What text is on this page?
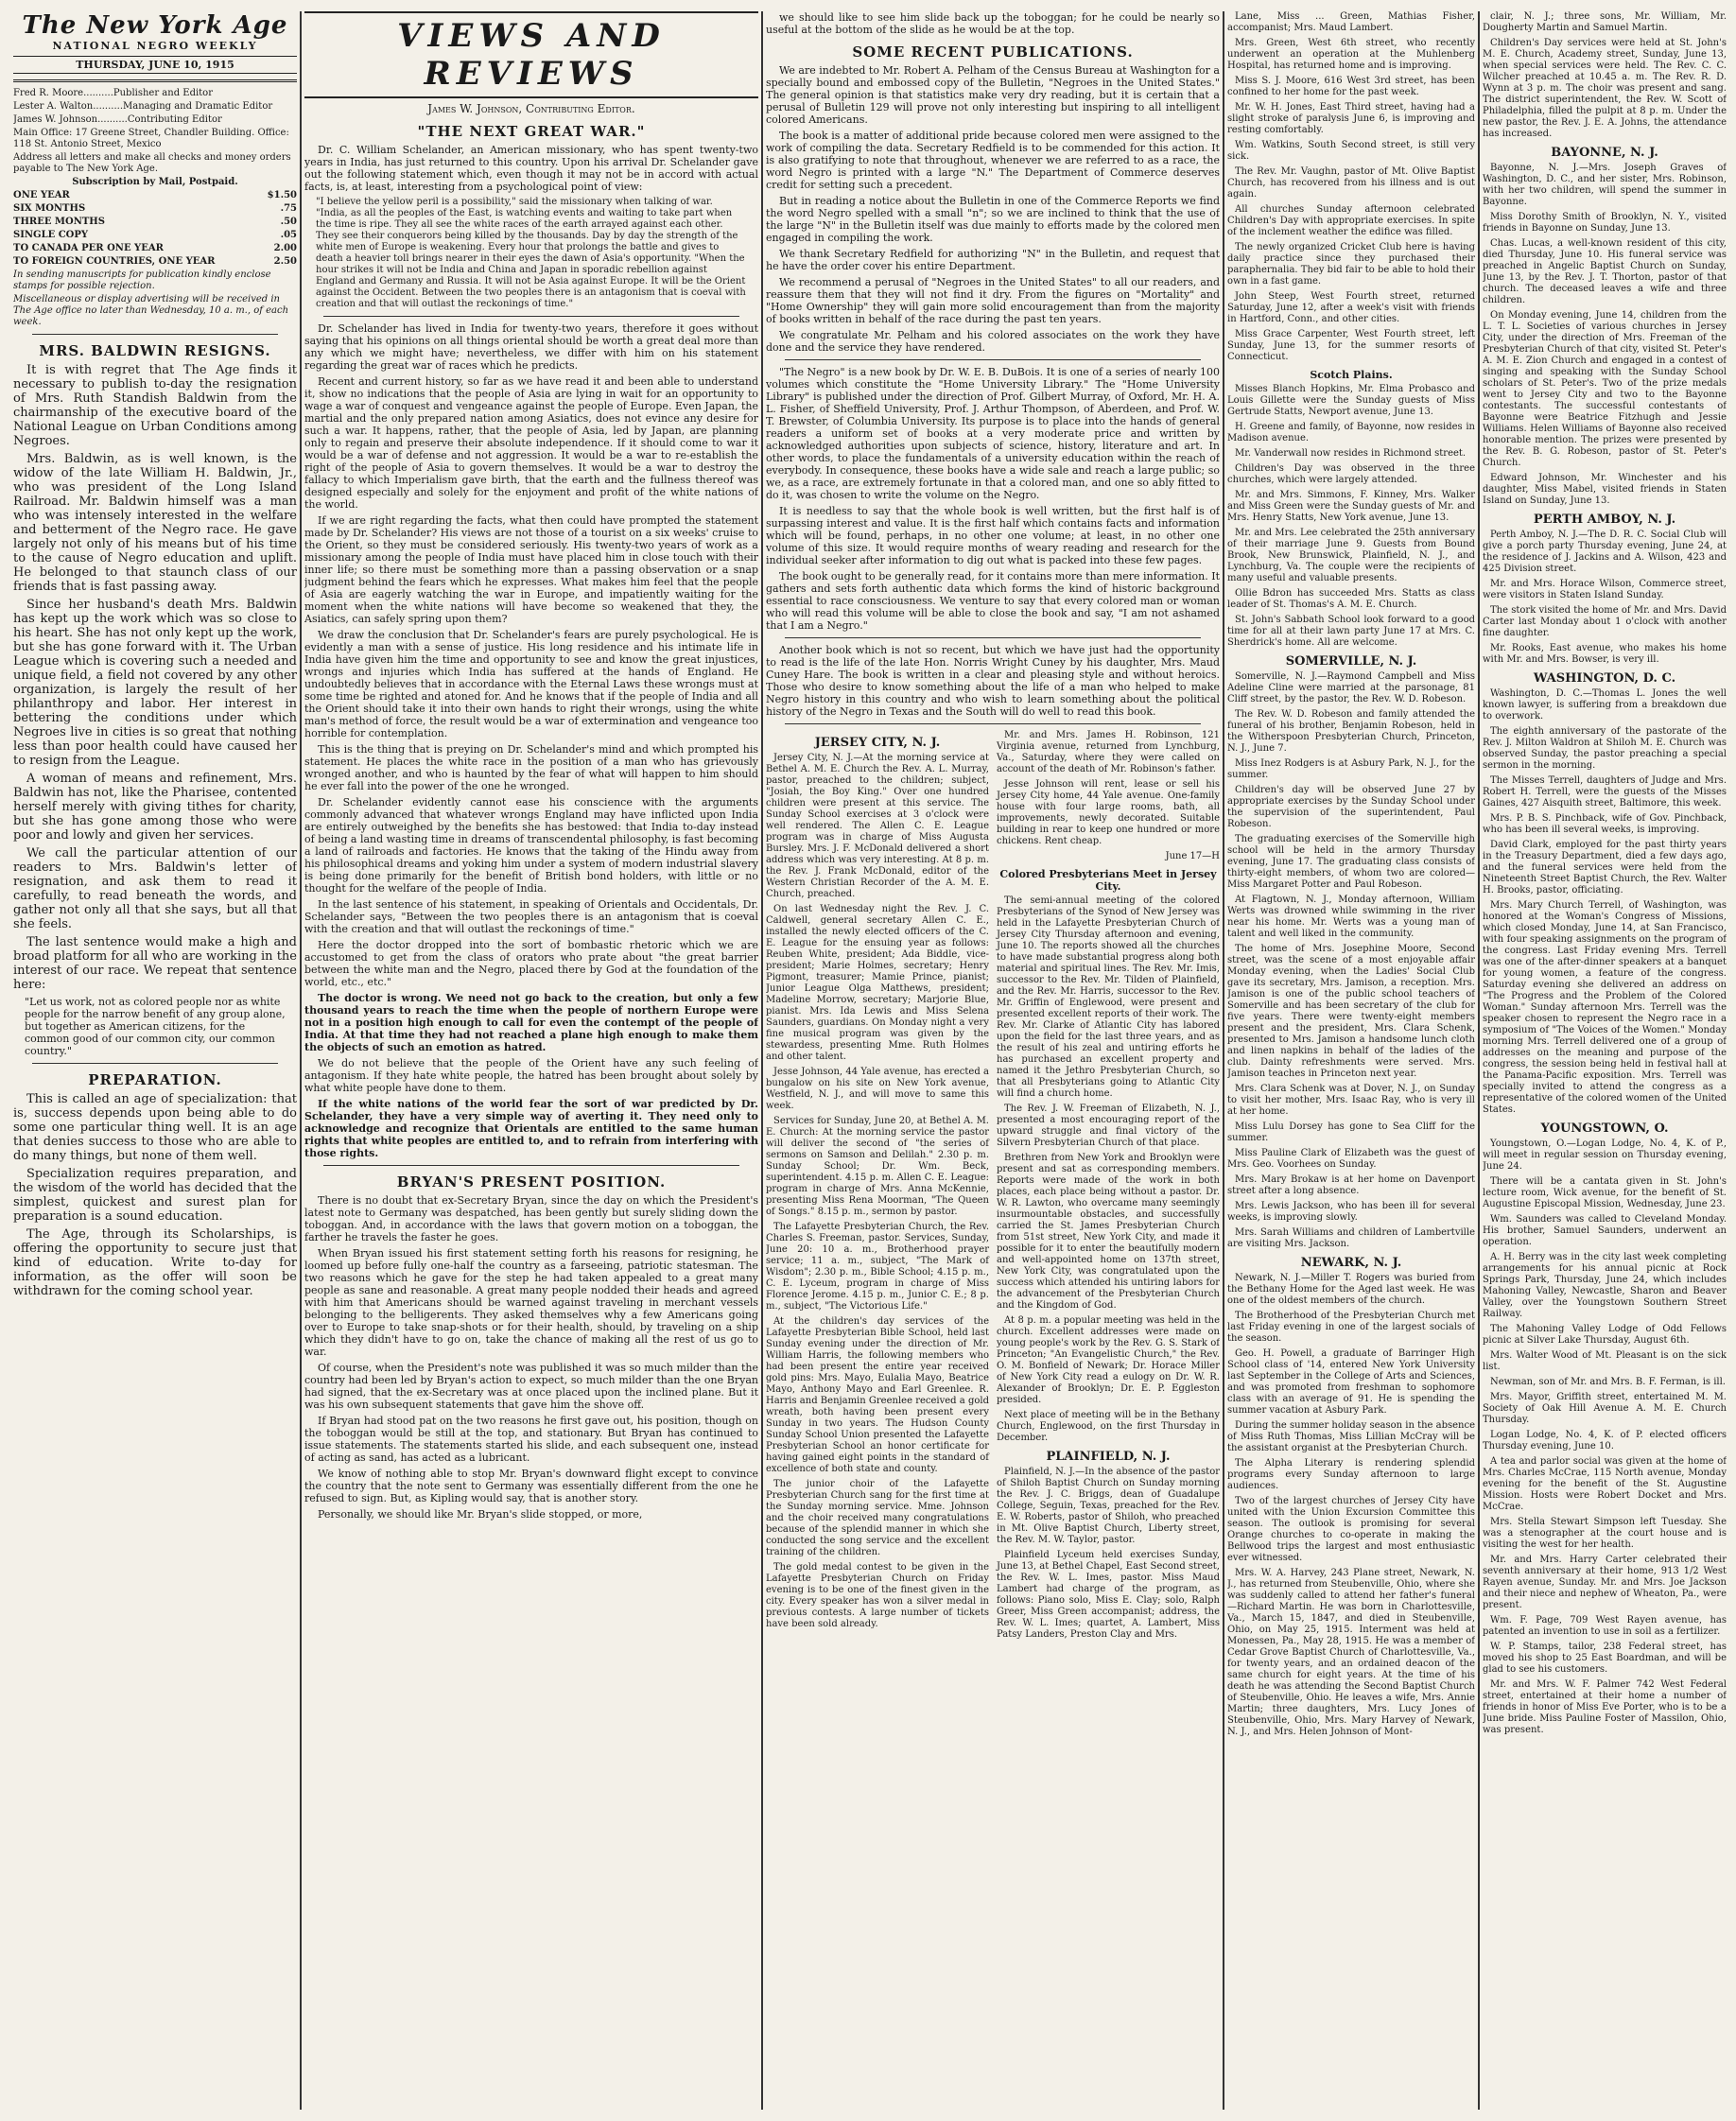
The New York Age
NATIONAL NEGRO WEEKLY
THURSDAY, JUNE 10, 1915
Fred R. Moore..........Publisher and Editor
Lester A. Walton..........Managing and Dramatic Editor
James W. Johnson..........Contributing Editor
Main Office: 17 Greene Street, Chandler Building. Office: 118 St. Antonio Street, Mexico
Address all letters and make all checks and money orders payable to The New York Age.
Subscription by Mail, Postpaid.
ONE YEAR	$1.50
SIX MONTHS	.75
THREE MONTHS	.50
SINGLE COPY	.05
TO CANADA PER ONE YEAR	2.00
TO FOREIGN COUNTRIES, ONE YEAR	2.50
In sending manuscripts for publication kindly enclose stamps for possible rejection.
Miscellaneous or display advertising will be received in The Age office no later than Wednesday, 10 a. m., of each week.
MRS. BALDWIN RESIGNS.

It is with regret that The Age finds it necessary to publish to-day the resignation of Mrs. Ruth Standish Baldwin from the chairmanship of the executive board of the National League on Urban Conditions among Negroes.

Mrs. Baldwin, as is well known, is the widow of the late William H. Baldwin, Jr., who was president of the Long Island Railroad. Mr. Baldwin himself was a man who was intensely interested in the welfare and betterment of the Negro race. He gave largely not only of his means but of his time to the cause of Negro education and uplift. He belonged to that staunch class of our friends that is fast passing away.

Since her husband's death Mrs. Baldwin has kept up the work which was so close to his heart. She has not only kept up the work, but she has gone forward with it. The Urban League which is covering such a needed and unique field, a field not covered by any other organization, is largely the result of her philanthropy and labor. Her interest in bettering the conditions under which Negroes live in cities is so great that nothing less than poor health could have caused her to resign from the League.

A woman of means and refinement, Mrs. Baldwin has not, like the Pharisee, contented herself merely with giving tithes for charity, but she has gone among those who were poor and lowly and given her services.

We call the particular attention of our readers to Mrs. Baldwin's letter of resignation, and ask them to read it carefully, to read beneath the words, and gather not only all that she says, but all that she feels.

The last sentence would make a high and broad platform for all who are working in the interest of our race. We repeat that sentence here:

"Let us work, not as colored people nor as white people for the narrow benefit of any group alone, but together as American citizens, for the common good of our common city, our common country."
PREPARATION.

This is called an age of specialization: that is, success depends upon being able to do some one particular thing well. It is an age that denies success to those who are able to do many things, but none of them well.

Specialization requires preparation, and the wisdom of the world has decided that the simplest, quickest and surest plan for preparation is a sound education.

The Age, through its Scholarships, is offering the opportunity to secure just that kind of education. Write to-day for information, as the offer will soon be withdrawn for the coming school year.

VIEWS AND REVIEWS
James W. Johnson, Contributing Editor.
"THE NEXT GREAT WAR."

Dr. C. William Schelander, an American missionary, who has spent twenty-two years in India, has just returned to this country. Upon his arrival Dr. Schelander gave out the following statement which, even though it may not be in accord with actual facts, is, at least, interesting from a psychological point of view:

"I believe the yellow peril is a possibility," said the missionary when talking of war. "India, as all the peoples of the East, is watching events and waiting to take part when the time is ripe. They all see the white races of the earth arrayed against each other. They see their conquerors being killed by the thousands. Day by day the strength of the white men of Europe is weakening. Every hour that prolongs the battle and gives to death a heavier toll brings nearer in their eyes the dawn of Asia's opportunity. "When the hour strikes it will not be India and China and Japan in sporadic rebellion against England and Germany and Russia. It will not be Asia against Europe. It will be the Orient against the Occident. Between the two peoples there is an antagonism that is coeval with creation and that will outlast the reckonings of time."

Dr. Schelander has lived in India for twenty-two years, therefore it goes without saying that his opinions on all things oriental should be worth a great deal more than any which we might have; nevertheless, we differ with him on his statement regarding the great war of races which he predicts.

Recent and current history, so far as we have read it and been able to understand it, show no indications that the people of Asia are lying in wait for an opportunity to wage a war of conquest and vengeance against the people of Europe. Even Japan, the martial and the only prepared nation among Asiatics, does not evince any desire for such a war. It happens, rather, that the people of Asia, led by Japan, are planning only to regain and preserve their absolute independence. If it should come to war it would be a war of defense and not aggression. It would be a war to re-establish the right of the people of Asia to govern themselves. It would be a war to destroy the fallacy to which Imperialism gave birth, that the earth and the fullness thereof was designed especially and solely for the enjoyment and profit of the white nations of the world.

If we are right regarding the facts, what then could have prompted the statement made by Dr. Schelander? His views are not those of a tourist on a six weeks' cruise to the Orient, so they must be considered seriously. His twenty-two years of work as a missionary among the people of India must have placed him in close touch with their inner life; so there must be something more than a passing observation or a snap judgment behind the fears which he expresses. What makes him feel that the people of Asia are eagerly watching the war in Europe, and impatiently waiting for the moment when the white nations will have become so weakened that they, the Asiatics, can safely spring upon them?

We draw the conclusion that Dr. Schelander's fears are purely psychological. He is evidently a man with a sense of justice. His long residence and his intimate life in India have given him the time and opportunity to see and know the great injustices, wrongs and injuries which India has suffered at the hands of England. He undoubtedly believes that in accordance with the Eternal Laws these wrongs must at some time be righted and atoned for. And he knows that if the people of India and all the Orient should take it into their own hands to right their wrongs, using the white man's method of force, the result would be a war of extermination and vengeance too horrible for contemplation.

This is the thing that is preying on Dr. Schelander's mind and which prompted his statement. He places the white race in the position of a man who has grievously wronged another, and who is haunted by the fear of what will happen to him should he ever fall into the power of the one he wronged.

Dr. Schelander evidently cannot ease his conscience with the arguments commonly advanced that whatever wrongs England may have inflicted upon India are entirely outweighed by the benefits she has bestowed: that India to-day instead of being a land wasting time in dreams of transcendental philosophy, is fast becoming a land of railroads and factories. He knows that the taking of the Hindu away from his philosophical dreams and yoking him under a system of modern industrial slavery is being done primarily for the benefit of British bond holders, with little or no thought for the welfare of the people of India.

In the last sentence of his statement, in speaking of Orientals and Occidentals, Dr. Schelander says, "Between the two peoples there is an antagonism that is coeval with the creation and that will outlast the reckonings of time."

Here the doctor dropped into the sort of bombastic rhetoric which we are accustomed to get from the class of orators who prate about "the great barrier between the white man and the Negro, placed there by God at the foundation of the world, etc., etc."

The doctor is wrong. We need not go back to the creation, but only a few thousand years to reach the time when the people of northern Europe were not in a position high enough to call for even the contempt of the people of India. At that time they had not reached a plane high enough to make them the objects of such an emotion as hatred.

We do not believe that the people of the Orient have any such feeling of antagonism. If they hate white people, the hatred has been brought about solely by what white people have done to them.

If the white nations of the world fear the sort of war predicted by Dr. Schelander, they have a very simple way of averting it. They need only to acknowledge and recognize that Orientals are entitled to the same human rights that white peoples are entitled to, and to refrain from interfering with those rights.

BRYAN'S PRESENT POSITION.

There is no doubt that ex-Secretary Bryan, since the day on which the President's latest note to Germany was despatched, has been gently but surely sliding down the toboggan. And, in accordance with the laws that govern motion on a toboggan, the farther he travels the faster he goes.

When Bryan issued his first statement setting forth his reasons for resigning, he loomed up before fully one-half the country as a farseeing, patriotic statesman. The two reasons which he gave for the step he had taken appealed to a great many people as sane and reasonable. A great many people nodded their heads and agreed with him that Americans should be warned against traveling in merchant vessels belonging to the belligerents. They asked themselves why a few Americans going over to Europe to take snap-shots or for their health, should, by traveling on a ship which they didn't have to go on, take the chance of making all the rest of us go to war.

Of course, when the President's note was published it was so much milder than the country had been led by Bryan's action to expect, so much milder than the one Bryan had signed, that the ex-Secretary was at once placed upon the inclined plane. But it was his own subsequent statements that gave him the shove off.

If Bryan had stood pat on the two reasons he first gave out, his position, though on the toboggan would be still at the top, and stationary. But Bryan has continued to issue statements. The statements started his slide, and each subsequent one, instead of acting as sand, has acted as a lubricant.

We know of nothing able to stop Mr. Bryan's downward flight except to convince the country that the note sent to Germany was essentially different from the one he refused to sign. But, as Kipling would say, that is another story.

Personally, we should like Mr. Bryan's slide stopped, or more,

we should like to see him slide back up the toboggan; for he could be nearly so useful at the bottom of the slide as he would be at the top.

SOME RECENT PUBLICATIONS.

We are indebted to Mr. Robert A. Pelham of the Census Bureau at Washington for a specially bound and embossed copy of the Bulletin, "Negroes in the United States." The general opinion is that statistics make very dry reading, but it is certain that a perusal of Bulletin 129 will prove not only interesting but inspiring to all intelligent colored Americans.

The book is a matter of additional pride because colored men were assigned to the work of compiling the data. Secretary Redfield is to be commended for this action. It is also gratifying to note that throughout, whenever we are referred to as a race, the word Negro is printed with a large "N." The Department of Commerce deserves credit for setting such a precedent.

But in reading a notice about the Bulletin in one of the Commerce Reports we find the word Negro spelled with a small "n"; so we are inclined to think that the use of the large "N" in the Bulletin itself was due mainly to efforts made by the colored men engaged in compiling the work.

We thank Secretary Redfield for authorizing "N" in the Bulletin, and request that he have the order cover his entire Department.

We recommend a perusal of "Negroes in the United States" to all our readers, and reassure them that they will not find it dry. From the figures on "Mortality" and "Home Ownership" they will gain more solid encouragement than from the majority of books written in behalf of the race during the past ten years.

We congratulate Mr. Pelham and his colored associates on the work they have done and the service they have rendered.

"The Negro" is a new book by Dr. W. E. B. DuBois. It is one of a series of nearly 100 volumes which constitute the "Home University Library." The "Home University Library" is published under the direction of Prof. Gilbert Murray, of Oxford, Mr. H. A. L. Fisher, of Sheffield University, Prof. J. Arthur Thompson, of Aberdeen, and Prof. W. T. Brewster, of Columbia University. Its purpose is to place into the hands of general readers a uniform set of books at a very moderate price and written by acknowledged authorities upon subjects of science, history, literature and art. In other words, to place the fundamentals of a university education within the reach of everybody. In consequence, these books have a wide sale and reach a large public; so we, as a race, are extremely fortunate in that a colored man, and one so ably fitted to do it, was chosen to write the volume on the Negro.

It is needless to say that the whole book is well written, but the first half is of surpassing interest and value. It is the first half which contains facts and information which will be found, perhaps, in no other one volume; at least, in no other one volume of this size. It would require months of weary reading and research for the individual seeker after information to dig out what is packed into these few pages.

The book ought to be generally read, for it contains more than mere information. It gathers and sets forth authentic data which forms the kind of historic background essential to race consciousness. We venture to say that every colored man or woman who will read this volume will be able to close the book and say, "I am not ashamed that I am a Negro."

Another book which is not so recent, but which we have just had the opportunity to read is the life of the late Hon. Norris Wright Cuney by his daughter, Mrs. Maud Cuney Hare. The book is written in a clear and pleasing style and without heroics. Those who desire to know something about the life of a man who helped to make Negro history in this country and who wish to learn something about the political history of the Negro in Texas and the South will do well to read this book.

JERSEY CITY, N. J.

Jersey City, N. J.—At the morning service at Bethel A. M. E. Church the Rev. A. L. Murray, pastor, preached to the children; subject, "Josiah, the Boy King." Over one hundred children were present at this service. The Sunday School exercises at 3 o'clock were well rendered. The Allen C. E. League program was in charge of Miss Augusta Bursley. Mrs. J. F. McDonald delivered a short address which was very interesting. At 8 p. m. the Rev. J. Frank McDonald, editor of the Western Christian Recorder of the A. M. E. Church, preached.

On last Wednesday night the Rev. J. C. Caldwell, general secretary Allen C. E., installed the newly elected officers of the C. E. League for the ensuing year as follows: Reuben White, president; Ada Biddle, vice-president; Marie Holmes, secretary; Henry Pigmont, treasurer; Mamie Prince, pianist; Junior League Olga Matthews, president; Madeline Morrow, secretary; Marjorie Blue, pianist. Mrs. Ida Lewis and Miss Selena Saunders, guardians. On Monday night a very fine musical program was given by the stewardess, presenting Mme. Ruth Holmes and other talent.

Jesse Johnson, 44 Yale avenue, has erected a bungalow on his site on New York avenue, Westfield, N. J., and will move to same this week.

Services for Sunday, June 20, at Bethel A. M. E. Church: At the morning service the pastor will deliver the second of "the series of sermons on Samson and Delilah." 2.30 p. m. Sunday School; Dr. Wm. Beck, superintendent. 4.15 p. m. Allen C. E. League: program in charge of Mrs. Anna McKennie, presenting Miss Rena Moorman, "The Queen of Songs." 8.15 p. m., sermon by pastor.

The Lafayette Presbyterian Church, the Rev. Charles S. Freeman, pastor. Services, Sunday, June 20: 10 a. m., Brotherhood prayer service; 11 a. m., subject, "The Mark of Wisdom"; 2.30 p. m., Bible School; 4.15 p. m., C. E. Lyceum, program in charge of Miss Florence Jerome. 4.15 p. m., Junior C. E.; 8 p. m., subject, "The Victorious Life."

At the children's day services of the Lafayette Presbyterian Bible School, held last Sunday evening under the direction of Mr. William Harris, the following members who had been present the entire year received gold pins: Mrs. Mayo, Eulalia Mayo, Beatrice Mayo, Anthony Mayo and Earl Greenlee. R. Harris and Benjamin Greenlee received a gold wreath, both having been present every Sunday in two years. The Hudson County Sunday School Union presented the Lafayette Presbyterian School an honor certificate for having gained eight points in the standard of excellence of both state and county.

The junior choir of the Lafayette Presbyterian Church sang for the first time at the Sunday morning service. Mme. Johnson and the choir received many congratulations because of the splendid manner in which she conducted the song service and the excellent training of the children.

The gold medal contest to be given in the Lafayette Presbyterian Church on Friday evening is to be one of the finest given in the city. Every speaker has won a silver medal in previous contests. A large number of tickets have been sold already.

Mr. and Mrs. James H. Robinson, 121 Virginia avenue, returned from Lynchburg, Va., Saturday, where they were called on account of the death of Mr. Robinson's father.

Jesse Johnson will rent, lease or sell his Jersey City home, 44 Yale avenue. One-family house with four large rooms, bath, all improvements, newly decorated. Suitable building in rear to keep one hundred or more chickens. Rent cheap.

June 17—H

Colored Presbyterians Meet in Jersey City.

The semi-annual meeting of the colored Presbyterians of the Synod of New Jersey was held in the Lafayette Presbyterian Church of Jersey City Thursday afternoon and evening, June 10. The reports showed all the churches to have made substantial progress along both material and spiritual lines. The Rev. Mr. Imis, successor to the Rev. Mr. Tilden of Plainfield, and the Rev. Mr. Harris, successor to the Rev. Mr. Griffin of Englewood, were present and presented excellent reports of their work. The Rev. Mr. Clarke of Atlantic City has labored upon the field for the last three years, and as the result of his zeal and untiring efforts he has purchased an excellent property and named it the Jethro Presbyterian Church, so that all Presbyterians going to Atlantic City will find a church home.

The Rev. J. W. Freeman of Elizabeth, N. J., presented a most encouraging report of the upward struggle and final victory of the Silvern Presbyterian Church of that place.

Brethren from New York and Brooklyn were present and sat as corresponding members. Reports were made of the work in both places, each place being without a pastor. Dr. W. R. Lawton, who overcame many seemingly insurmountable obstacles, and successfully carried the St. James Presbyterian Church from 51st street, New York City, and made it possible for it to enter the beautifully modern and well-appointed home on 137th street, New York City, was congratulated upon the success which attended his untiring labors for the advancement of the Presbyterian Church and the Kingdom of God.

At 8 p. m. a popular meeting was held in the church. Excellent addresses were made on young people's work by the Rev. G. S. Stark of Princeton; "An Evangelistic Church," the Rev. O. M. Bonfield of Newark; Dr. Horace Miller of New York City read a eulogy on Dr. W. R. Alexander of Brooklyn; Dr. E. P. Eggleston presided.

Next place of meeting will be in the Bethany Church, Englewood, on the first Thursday in December.

PLAINFIELD, N. J.

Plainfield, N. J.—In the absence of the pastor of Shiloh Baptist Church on Sunday morning the Rev. J. C. Briggs, dean of Guadalupe College, Seguin, Texas, preached for the Rev. E. W. Roberts, pastor of Shiloh, who preached in Mt. Olive Baptist Church, Liberty street, the Rev. M. W. Taylor, pastor.

Plainfield Lyceum held exercises Sunday, June 13, at Bethel Chapel, East Second street, the Rev. W. L. Imes, pastor. Miss Maud Lambert had charge of the program, as follows: Piano solo, Miss E. Clay; solo, Ralph Greer, Miss Green accompanist; address, the Rev. W. L. Imes; quartet, A. Lambert, Miss Patsy Landers, Preston Clay and Mrs.

Lane, Miss ... Green, Mathias Fisher, accompanist; Mrs. Maud Lambert.

Mrs. Green, West 6th street, who recently underwent an operation at the Muhlenberg Hospital, has returned home and is improving.

Miss S. J. Moore, 616 West 3rd street, has been confined to her home for the past week.

Mr. W. H. Jones, East Third street, having had a slight stroke of paralysis June 6, is improving and resting comfortably.

Wm. Watkins, South Second street, is still very sick.

The Rev. Mr. Vaughn, pastor of Mt. Olive Baptist Church, has recovered from his illness and is out again.

All churches Sunday afternoon celebrated Children's Day with appropriate exercises. In spite of the inclement weather the edifice was filled.

The newly organized Cricket Club here is having daily practice since they purchased their paraphernalia. They bid fair to be able to hold their own in a fast game.

John Steep, West Fourth street, returned Saturday, June 12, after a week's visit with friends in Hartford, Conn., and other cities.

Miss Grace Carpenter, West Fourth street, left Sunday, June 13, for the summer resorts of Connecticut.

Scotch Plains.

Misses Blanch Hopkins, Mr. Elma Probasco and Louis Gillette were the Sunday guests of Miss Gertrude Statts, Newport avenue, June 13.

H. Greene and family, of Bayonne, now resides in Madison avenue.

Mr. Vanderwall now resides in Richmond street.

Children's Day was observed in the three churches, which were largely attended.

Mr. and Mrs. Simmons, F. Kinney, Mrs. Walker and Miss Green were the Sunday guests of Mr. and Mrs. Henry Statts, New York avenue, June 13.

Mr. and Mrs. Lee celebrated the 25th anniversary of their marriage June 9. Guests from Bound Brook, New Brunswick, Plainfield, N. J., and Lynchburg, Va. The couple were the recipients of many useful and valuable presents.

Ollie Bdron has succeeded Mrs. Statts as class leader of St. Thomas's A. M. E. Church.

St. John's Sabbath School look forward to a good time for all at their lawn party June 17 at Mrs. C. Sherdrick's home. All are welcome.

SOMERVILLE, N. J.

Somerville, N. J.—Raymond Campbell and Miss Adeline Cline were married at the parsonage, 81 Cliff street, by the pastor, the Rev. W. D. Robeson.

The Rev. W. D. Robeson and family attended the funeral of his brother, Benjamin Robeson, held in the Witherspoon Presbyterian Church, Princeton, N. J., June 7.

Miss Inez Rodgers is at Asbury Park, N. J., for the summer.

Children's day will be observed June 27 by appropriate exercises by the Sunday School under the supervision of the superintendent, Paul Robeson.

The graduating exercises of the Somerville high school will be held in the armory Thursday evening, June 17. The graduating class consists of thirty-eight members, of whom two are colored—Miss Margaret Potter and Paul Robeson.

At Flagtown, N. J., Monday afternoon, William Werts was drowned while swimming in the river near his home. Mr. Werts was a young man of talent and well liked in the community.

The home of Mrs. Josephine Moore, Second street, was the scene of a most enjoyable affair Monday evening, when the Ladies' Social Club gave its secretary, Mrs. Jamison, a reception. Mrs. Jamison is one of the public school teachers of Somerville and has been secretary of the club for five years. There were twenty-eight members present and the president, Mrs. Clara Schenk, presented to Mrs. Jamison a handsome lunch cloth and linen napkins in behalf of the ladies of the club. Dainty refreshments were served. Mrs. Jamison teaches in Princeton next year.

Mrs. Clara Schenk was at Dover, N. J., on Sunday to visit her mother, Mrs. Isaac Ray, who is very ill at her home.

Miss Lulu Dorsey has gone to Sea Cliff for the summer.

Miss Pauline Clark of Elizabeth was the guest of Mrs. Geo. Voorhees on Sunday.

Mrs. Mary Brokaw is at her home on Davenport street after a long absence.

Mrs. Lewis Jackson, who has been ill for several weeks, is improving slowly.

Mrs. Sarah Williams and children of Lambertville are visiting Mrs. Jackson.

NEWARK, N. J.

Newark, N. J.—Miller T. Rogers was buried from the Bethany Home for the Aged last week. He was one of the oldest members of the church.

The Brotherhood of the Presbyterian Church met last Friday evening in one of the largest socials of the season.

Geo. H. Powell, a graduate of Barringer High School class of '14, entered New York University last September in the College of Arts and Sciences, and was promoted from freshman to sophomore class with an average of 91. He is spending the summer vacation at Asbury Park.

During the summer holiday season in the absence of Miss Ruth Thomas, Miss Lillian McCray will be the assistant organist at the Presbyterian Church.

The Alpha Literary is rendering splendid programs every Sunday afternoon to large audiences.

Two of the largest churches of Jersey City have united with the Union Excursion Committee this season. The outlook is promising for several Orange churches to co-operate in making the Bellwood trips the largest and most enthusiastic ever witnessed.

Mrs. W. A. Harvey, 243 Plane street, Newark, N. J., has returned from Steubenville, Ohio, where she was suddenly called to attend her father's funeral—Richard Martin. He was born in Charlottesville, Va., March 15, 1847, and died in Steubenville, Ohio, on May 25, 1915. Interment was held at Monessen, Pa., May 28, 1915. He was a member of Cedar Grove Baptist Church of Charlottesville, Va., for twenty years, and an ordained deacon of the same church for eight years. At the time of his death he was attending the Second Baptist Church of Steubenville, Ohio. He leaves a wife, Mrs. Annie Martin; three daughters, Mrs. Lucy Jones of Steubenville, Ohio, Mrs. Mary Harvey of Newark, N. J., and Mrs. Helen Johnson of Mont-

clair, N. J.; three sons, Mr. William, Mr. Dougherty Martin and Samuel Martin.

Children's Day services were held at St. John's M. E. Church, Academy street, Sunday, June 13, when special services were held. The Rev. C. C. Wilcher preached at 10.45 a. m. The Rev. R. D. Wynn at 3 p. m. The choir was present and sang. The district superintendent, the Rev. W. Scott of Philadelphia, filled the pulpit at 8 p. m. Under the new pastor, the Rev. J. E. A. Johns, the attendance has increased.

BAYONNE, N. J.

Bayonne, N. J.—Mrs. Joseph Graves of Washington, D. C., and her sister, Mrs. Robinson, with her two children, will spend the summer in Bayonne.

Miss Dorothy Smith of Brooklyn, N. Y., visited friends in Bayonne on Sunday, June 13.

Chas. Lucas, a well-known resident of this city, died Thursday, June 10. His funeral service was preached in Angelic Baptist Church on Sunday, June 13, by the Rev. J. T. Thorton, pastor of that church. The deceased leaves a wife and three children.

On Monday evening, June 14, children from the L. T. L. Societies of various churches in Jersey City, under the direction of Mrs. Freeman of the Presbyterian Church of that city, visited St. Peter's A. M. E. Zion Church and engaged in a contest of singing and speaking with the Sunday School scholars of St. Peter's. Two of the prize medals went to Jersey City and two to the Bayonne contestants. The successful contestants of Bayonne were Beatrice Fitzhugh and Jessie Williams. Helen Williams of Bayonne also received honorable mention. The prizes were presented by the Rev. B. G. Robeson, pastor of St. Peter's Church.

Edward Johnson, Mr. Winchester and his daughter, Miss Mabel, visited friends in Staten Island on Sunday, June 13.

PERTH AMBOY, N. J.

Perth Amboy, N. J.—The D. R. C. Social Club will give a porch party Thursday evening, June 24, at the residence of J. Jackins and A. Wilson, 423 and 425 Division street.

Mr. and Mrs. Horace Wilson, Commerce street, were visitors in Staten Island Sunday.

The stork visited the home of Mr. and Mrs. David Carter last Monday about 1 o'clock with another fine daughter.

Mr. Rooks, East avenue, who makes his home with Mr. and Mrs. Bowser, is very ill.

WASHINGTON, D. C.

Washington, D. C.—Thomas L. Jones the well known lawyer, is suffering from a breakdown due to overwork.

The eighth anniversary of the pastorate of the Rev. J. Milton Waldron at Shiloh M. E. Church was observed Sunday, the pastor preaching a special sermon in the morning.

The Misses Terrell, daughters of Judge and Mrs. Robert H. Terrell, were the guests of the Misses Gaines, 427 Aisquith street, Baltimore, this week.

Mrs. P. B. S. Pinchback, wife of Gov. Pinchback, who has been ill several weeks, is improving.

David Clark, employed for the past thirty years in the Treasury Department, died a few days ago, and the funeral services were held from the Nineteenth Street Baptist Church, the Rev. Walter H. Brooks, pastor, officiating.

Mrs. Mary Church Terrell, of Washington, was honored at the Woman's Congress of Missions, which closed Monday, June 14, at San Francisco, with four speaking assignments on the program of the congress. Last Friday evening Mrs. Terrell was one of the after-dinner speakers at a banquet for young women, a feature of the congress. Saturday evening she delivered an address on "The Progress and the Problem of the Colored Woman." Sunday afternoon Mrs. Terrell was the speaker chosen to represent the Negro race in a symposium of "The Voices of the Women." Monday morning Mrs. Terrell delivered one of a group of addresses on the meaning and purpose of the congress, the session being held in festival hall at the Panama-Pacific exposition. Mrs. Terrell was specially invited to attend the congress as a representative of the colored women of the United States.

YOUNGSTOWN, O.

Youngstown, O.—Logan Lodge, No. 4, K. of P., will meet in regular session on Thursday evening, June 24.

There will be a cantata given in St. John's lecture room, Wick avenue, for the benefit of St. Augustine Episcopal Mission, Wednesday, June 23.

Wm. Saunders was called to Cleveland Monday. His brother, Samuel Saunders, underwent an operation.

A. H. Berry was in the city last week completing arrangements for his annual picnic at Rock Springs Park, Thursday, June 24, which includes Mahoning Valley, Newcastle, Sharon and Beaver Valley, over the Youngstown Southern Street Railway.

The Mahoning Valley Lodge of Odd Fellows picnic at Silver Lake Thursday, August 6th.

Mrs. Walter Wood of Mt. Pleasant is on the sick list.

Newman, son of Mr. and Mrs. B. F. Ferman, is ill.

Mrs. Mayor, Griffith street, entertained M. M. Society of Oak Hill Avenue A. M. E. Church Thursday.

Logan Lodge, No. 4, K. of P. elected officers Thursday evening, June 10.

A tea and parlor social was given at the home of Mrs. Charles McCrae, 115 North avenue, Monday evening for the benefit of the St. Augustine Mission. Hosts were Robert Docket and Mrs. McCrae.

Mrs. Stella Stewart Simpson left Tuesday. She was a stenographer at the court house and is visiting the west for her health.

Mr. and Mrs. Harry Carter celebrated their seventh anniversary at their home, 913 1/2 West Rayen avenue, Sunday. Mr. and Mrs. Joe Jackson and their niece and nephew of Wheaton, Pa., were present.

Wm. F. Page, 709 West Rayen avenue, has patented an invention to use in soil as a fertilizer.

W. P. Stamps, tailor, 238 Federal street, has moved his shop to 25 East Boardman, and will be glad to see his customers.

Mr. and Mrs. W. F. Palmer 742 West Federal street, entertained at their home a number of friends in honor of Miss Eve Porter, who is to be a June bride. Miss Pauline Foster of Massilon, Ohio, was present.
